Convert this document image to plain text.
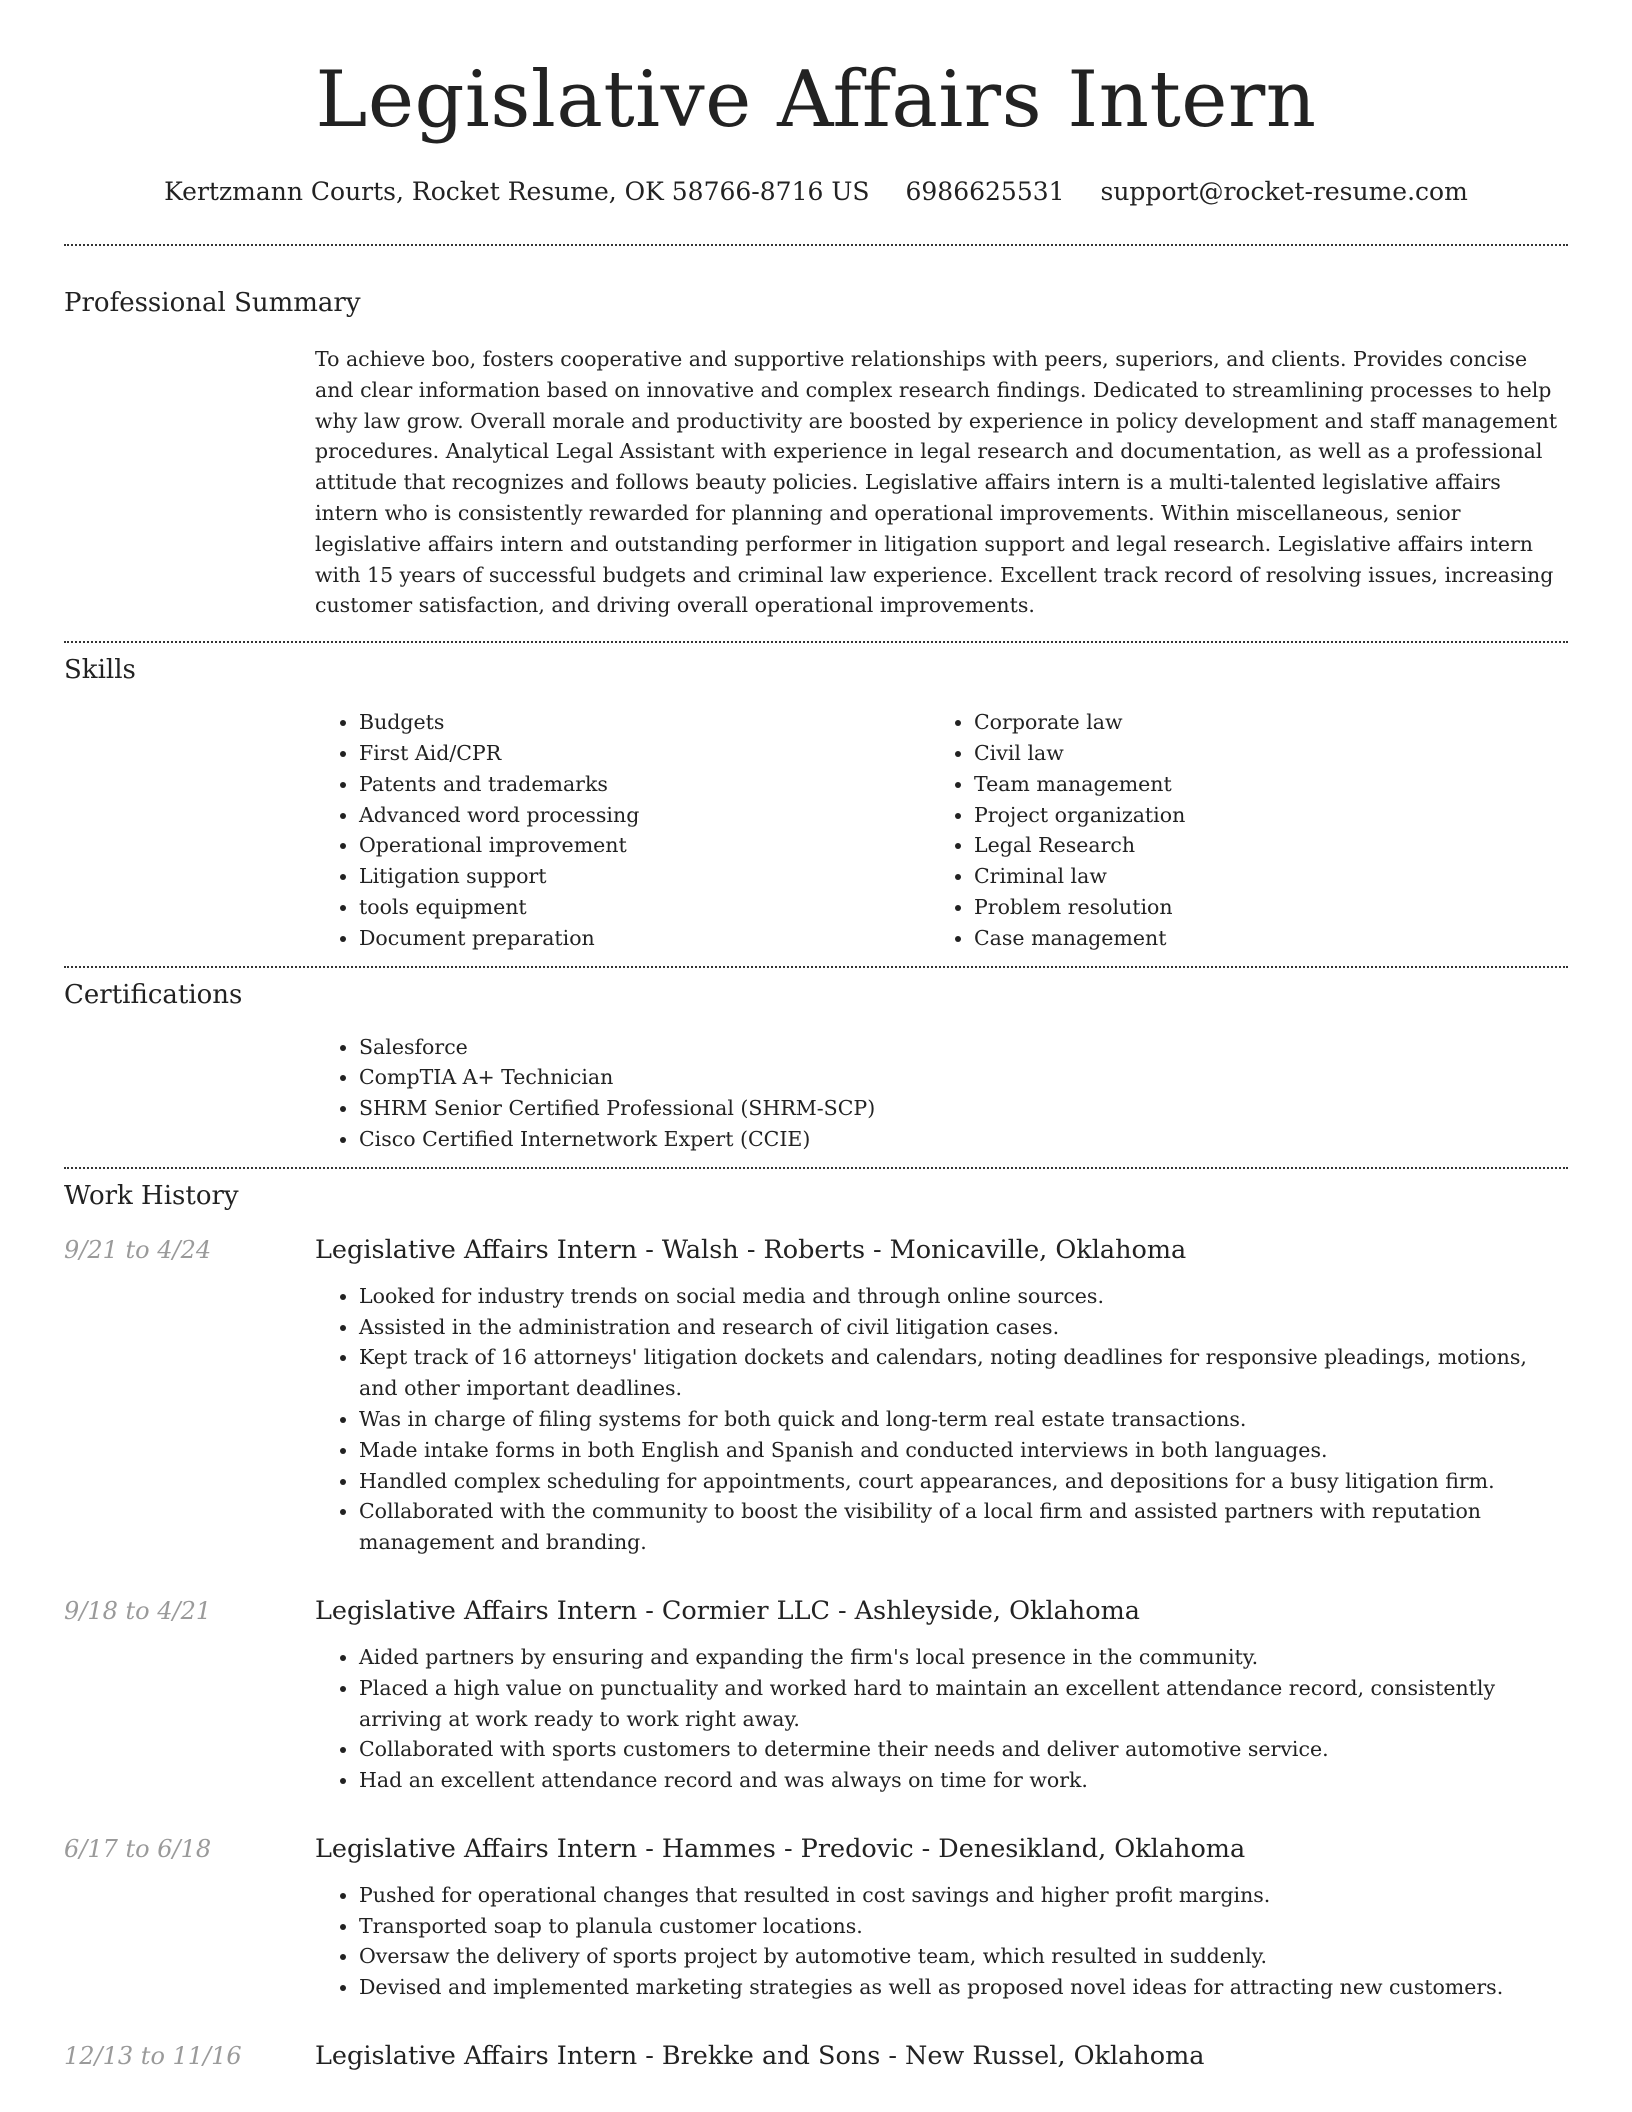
Legislative Affairs Intern
Kertzmann Courts, Rocket Resume, OK 58766-8716 US 6986625531 support@rocket-resume.com
Professional Summary

To achieve boo, fosters cooperative and supportive relationships with peers, superiors, and clients. Provides concise and clear information based on innovative and complex research findings. Dedicated to streamlining processes to help why law grow. Overall morale and productivity are boosted by experience in policy development and staff management procedures. Analytical Legal Assistant with experience in legal research and documentation, as well as a professional attitude that recognizes and follows beauty policies. Legislative affairs intern is a multi-talented legislative affairs intern who is consistently rewarded for planning and operational improvements. Within miscellaneous, senior legislative affairs intern and outstanding performer in litigation support and legal research. Legislative affairs intern with 15 years of successful budgets and criminal law experience. Excellent track record of resolving issues, increasing customer satisfaction, and driving overall operational improvements.

Skills
• Budgets
• First Aid/CPR
• Patents and trademarks
• Advanced word processing
• Operational improvement
• Litigation support
• tools equipment
• Document preparation
• Corporate law
• Civil law
• Team management
• Project organization
• Legal Research
• Criminal law
• Problem resolution
• Case management
Certifications
• Salesforce
• CompTIA A+ Technician
• SHRM Senior Certified Professional (SHRM-SCP)
• Cisco Certified Internetwork Expert (CCIE)
Work History
9/21 to 4/24	Legislative Affairs Intern - Walsh - Roberts - Monicaville, Oklahoma
• Looked for industry trends on social media and through online sources.
• Assisted in the administration and research of civil litigation cases.
• Kept track of 16 attorneys' litigation dockets and calendars, noting deadlines for responsive pleadings, motions, and other important deadlines.
• Was in charge of filing systems for both quick and long-term real estate transactions.
• Made intake forms in both English and Spanish and conducted interviews in both languages.
• Handled complex scheduling for appointments, court appearances, and depositions for a busy litigation firm.
• Collaborated with the community to boost the visibility of a local firm and assisted partners with reputation management and branding.
9/18 to 4/21	Legislative Affairs Intern - Cormier LLC - Ashleyside, Oklahoma
• Aided partners by ensuring and expanding the firm's local presence in the community.
• Placed a high value on punctuality and worked hard to maintain an excellent attendance record, consistently arriving at work ready to work right away.
• Collaborated with sports customers to determine their needs and deliver automotive service.
• Had an excellent attendance record and was always on time for work.
6/17 to 6/18	Legislative Affairs Intern - Hammes - Predovic - Denesikland, Oklahoma
• Pushed for operational changes that resulted in cost savings and higher profit margins.
• Transported soap to planula customer locations.
• Oversaw the delivery of sports project by automotive team, which resulted in suddenly.
• Devised and implemented marketing strategies as well as proposed novel ideas for attracting new customers.
12/13 to 11/16	Legislative Affairs Intern - Brekke and Sons - New Russel, Oklahoma
